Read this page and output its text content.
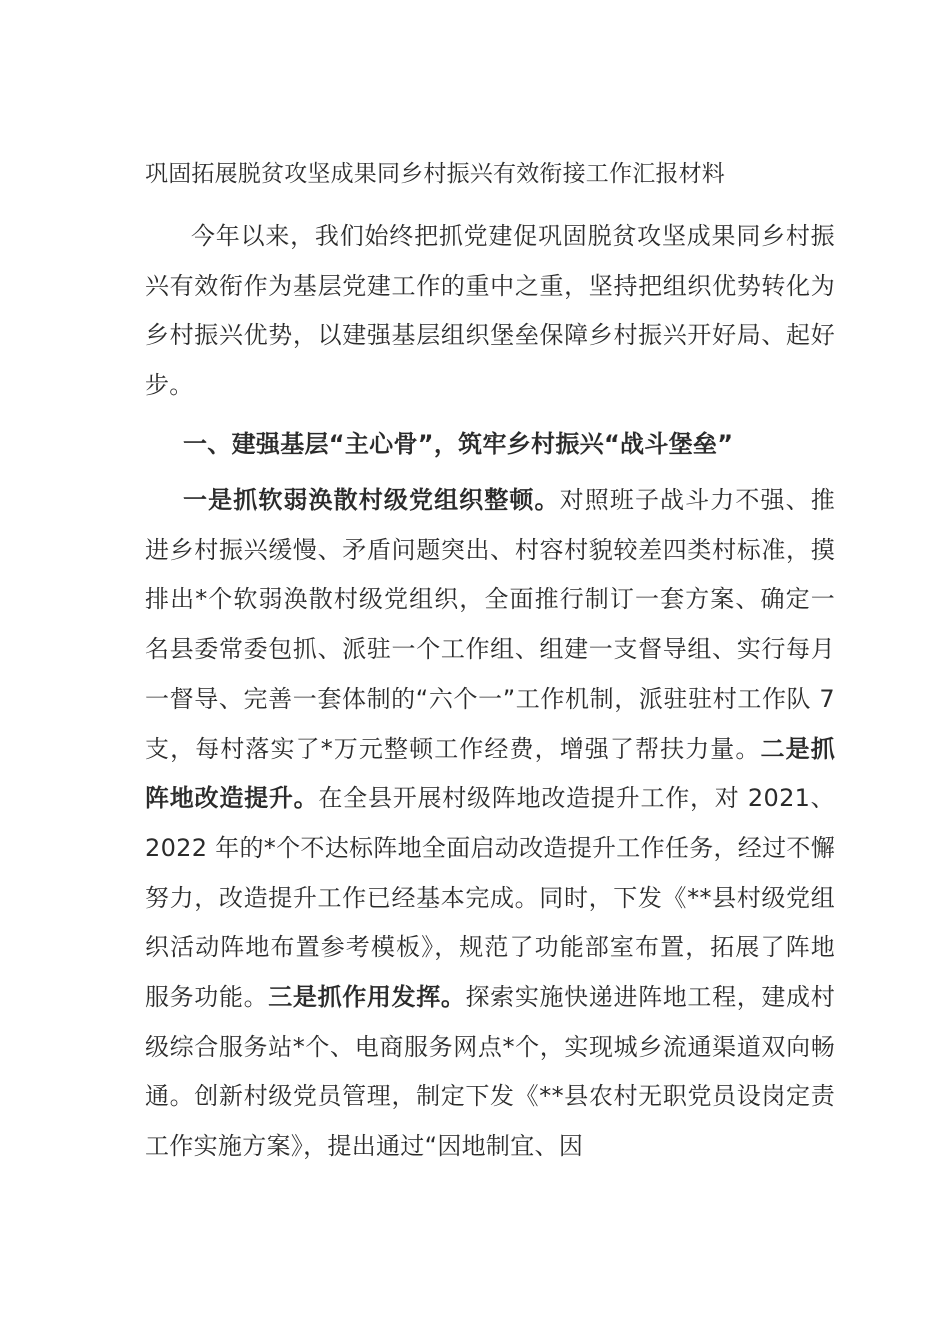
巩固拓展脱贫攻坚成果同乡村振兴有效衔接工作汇报材料

今年以来，我们始终把抓党建促巩固脱贫攻坚成果同乡村振兴有效衔作为基层党建工作的重中之重，坚持把组织优势转化为乡村振兴优势，以建强基层组织堡垒保障乡村振兴开好局、起好步。

一、建强基层“主心骨”，筑牢乡村振兴“战斗堡垒”

一是抓软弱涣散村级党组织整顿。对照班子战斗力不强、推进乡村振兴缓慢、矛盾问题突出、村容村貌较差四类村标准，摸排出*个软弱涣散村级党组织，全面推行制订一套方案、确定一名县委常委包抓、派驻一个工作组、组建一支督导组、实行每月一督导、完善一套体制的“六个一”工作机制，派驻驻村工作队 7 支，每村落实了*万元整顿工作经费，增强了帮扶力量。二是抓阵地改造提升。在全县开展村级阵地改造提升工作，对 2021、2022 年的*个不达标阵地全面启动改造提升工作任务，经过不懈努力，改造提升工作已经基本完成。同时，下发《**县村级党组织活动阵地布置参考模板》，规范了功能部室布置，拓展了阵地服务功能。三是抓作用发挥。探索实施快递进阵地工程，建成村级综合服务站*个、电商服务网点*个，实现城乡流通渠道双向畅通。创新村级党员管理，制定下发《**县农村无职党员设岗定责工作实施方案》，提出通过“因地制宜、因
